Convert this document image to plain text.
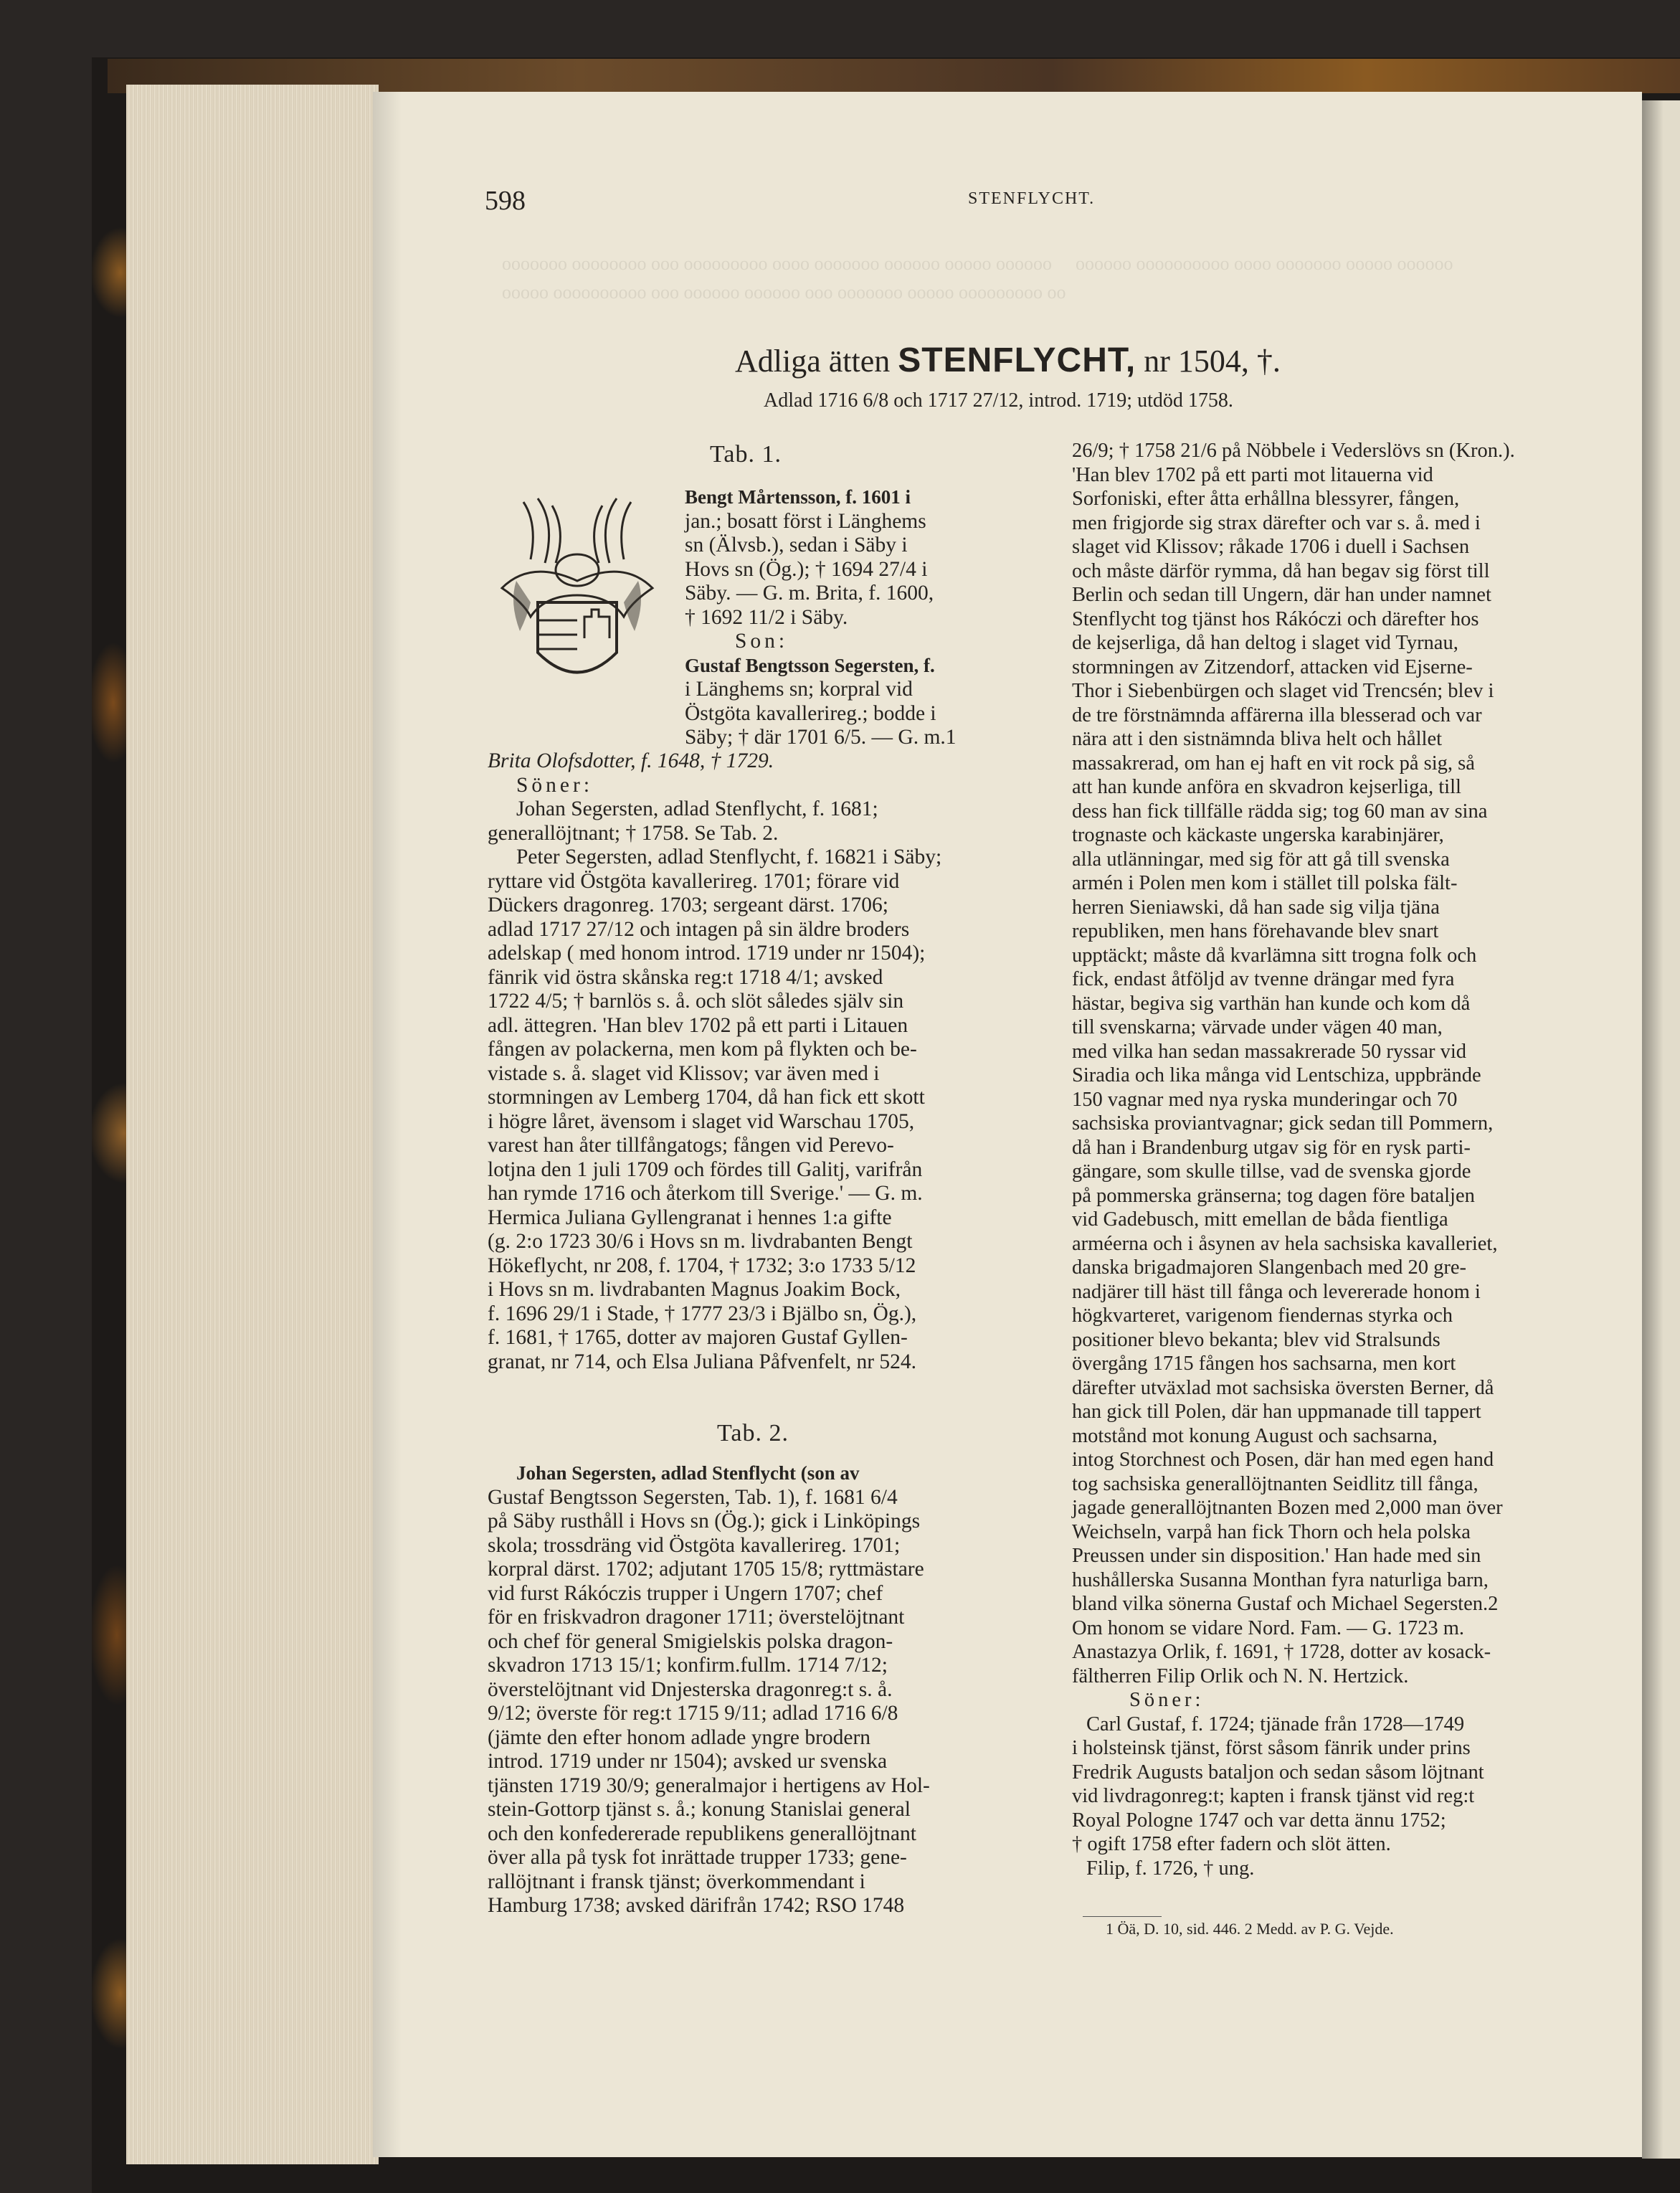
ooooooo oooooooo ooo ooooooooo oooo ooooooo oooooo ooooo oooooo
ooooo oooooooooo ooo oooooo oooooo ooo ooooooo ooooo ooooooooo oo
oooooo oooooooooo oooo ooooooo ooooo oooooo
598	STENFLYCHT.
Adliga ätten STENFLYCHT, nr 1504, †.
Adlad 1716 6/8 och 1717 27/12, introd. 1719; utdöd 1758.
Tab. 1.
Bengt Mårtensson, f. 1601 i
jan.; bosatt först i Länghems
sn (Älvsb.), sedan i Säby i
Hovs sn (Ög.); † 1694 27/4 i
Säby. — G. m. Brita, f. 1600,
† 1692 11/2 i Säby.
Son:
Gustaf Bengtsson Segersten, f.
i Länghems sn; korpral vid
Östgöta kavallerireg.; bodde i
Säby; † där 1701 6/5. — G. m.1
Brita Olofsdotter, f. 1648, † 1729.
Söner:
Johan Segersten, adlad Stenflycht, f. 1681;
generallöjtnant; † 1758. Se Tab. 2.
Peter Segersten, adlad Stenflycht, f. 16821 i Säby;
ryttare vid Östgöta kavallerireg. 1701; förare vid
Dückers dragonreg. 1703; sergeant därst. 1706;
adlad 1717 27/12 och intagen på sin äldre broders
adelskap ( med honom introd. 1719 under nr 1504);
fänrik vid östra skånska reg:t 1718 4/1; avsked
1722 4/5; † barnlös s. å. och slöt således själv sin
adl. ättegren. 'Han blev 1702 på ett parti i Litauen
fången av polackerna, men kom på flykten och be-
vistade s. å. slaget vid Klissov; var även med i
stormningen av Lemberg 1704, då han fick ett skott
i högre låret, ävensom i slaget vid Warschau 1705,
varest han åter tillfångatogs; fången vid Perevo-
lotjna den 1 juli 1709 och fördes till Galitj, varifrån
han rymde 1716 och återkom till Sverige.' — G. m.
Hermica Juliana Gyllengranat i hennes 1:a gifte
(g. 2:o 1723 30/6 i Hovs sn m. livdrabanten Bengt
Hökeflycht, nr 208, f. 1704, † 1732; 3:o 1733 5/12
i Hovs sn m. livdrabanten Magnus Joakim Bock,
f. 1696 29/1 i Stade, † 1777 23/3 i Bjälbo sn, Ög.),
f. 1681, † 1765, dotter av majoren Gustaf Gyllen-
granat, nr 714, och Elsa Juliana Påfvenfelt, nr 524.
Tab. 2.
Johan Segersten, adlad Stenflycht (son av
Gustaf Bengtsson Segersten, Tab. 1), f. 1681 6/4
på Säby rusthåll i Hovs sn (Ög.); gick i Linköpings
skola; trossdräng vid Östgöta kavallerireg. 1701;
korpral därst. 1702; adjutant 1705 15/8; ryttmästare
vid furst Rákóczis trupper i Ungern 1707; chef
för en friskvadron dragoner 1711; överstelöjtnant
och chef för general Smigielskis polska dragon-
skvadron 1713 15/1; konfirm.fullm. 1714 7/12;
överstelöjtnant vid Dnjesterska dragonreg:t s. å.
9/12; överste för reg:t 1715 9/11; adlad 1716 6/8
(jämte den efter honom adlade yngre brodern
introd. 1719 under nr 1504); avsked ur svenska
tjänsten 1719 30/9; generalmajor i hertigens av Hol-
stein-Gottorp tjänst s. å.; konung Stanislai general
och den konfedererade republikens generallöjtnant
över alla på tysk fot inrättade trupper 1733; gene-
rallöjtnant i fransk tjänst; överkommendant i
Hamburg 1738; avsked därifrån 1742; RSO 1748
26/9; † 1758 21/6 på Nöbbele i Vederslövs sn (Kron.).
'Han blev 1702 på ett parti mot litauerna vid
Sorfoniski, efter åtta erhållna blessyrer, fången,
men frigjorde sig strax därefter och var s. å. med i
slaget vid Klissov; råkade 1706 i duell i Sachsen
och måste därför rymma, då han begav sig först till
Berlin och sedan till Ungern, där han under namnet
Stenflycht tog tjänst hos Rákóczi och därefter hos
de kejserliga, då han deltog i slaget vid Tyrnau,
stormningen av Zitzendorf, attacken vid Ejserne-
Thor i Siebenbürgen och slaget vid Trencsén; blev i
de tre förstnämnda affärerna illa blesserad och var
nära att i den sistnämnda bliva helt och hållet
massakrerad, om han ej haft en vit rock på sig, så
att han kunde anföra en skvadron kejserliga, till
dess han fick tillfälle rädda sig; tog 60 man av sina
trognaste och käckaste ungerska karabinjärer,
alla utlänningar, med sig för att gå till svenska
armén i Polen men kom i stället till polska fält-
herren Sieniawski, då han sade sig vilja tjäna
republiken, men hans förehavande blev snart
upptäckt; måste då kvarlämna sitt trogna folk och
fick, endast åtföljd av tvenne drängar med fyra
hästar, begiva sig varthän han kunde och kom då
till svenskarna; värvade under vägen 40 man,
med vilka han sedan massakrerade 50 ryssar vid
Siradia och lika många vid Lentschiza, uppbrände
150 vagnar med nya ryska munderingar och 70
sachsiska proviantvagnar; gick sedan till Pommern,
då han i Brandenburg utgav sig för en rysk parti-
gängare, som skulle tillse, vad de svenska gjorde
på pommerska gränserna; tog dagen före bataljen
vid Gadebusch, mitt emellan de båda fientliga
arméerna och i åsynen av hela sachsiska kavalleriet,
danska brigadmajoren Slangenbach med 20 gre-
nadjärer till häst till fånga och levererade honom i
högkvarteret, varigenom fiendernas styrka och
positioner blevo bekanta; blev vid Stralsunds
övergång 1715 fången hos sachsarna, men kort
därefter utväxlad mot sachsiska översten Berner, då
han gick till Polen, där han uppmanade till tappert
motstånd mot konung August och sachsarna,
intog Storchnest och Posen, där han med egen hand
tog sachsiska generallöjtnanten Seidlitz till fånga,
jagade generallöjtnanten Bozen med 2,000 man över
Weichseln, varpå han fick Thorn och hela polska
Preussen under sin disposition.' Han hade med sin
hushållerska Susanna Monthan fyra naturliga barn,
bland vilka sönerna Gustaf och Michael Segersten.2
Om honom se vidare Nord. Fam. — G. 1723 m.
Anastazya Orlik, f. 1691, † 1728, dotter av kosack-
fältherren Filip Orlik och N. N. Hertzick.
Söner:
Carl Gustaf, f. 1724; tjänade från 1728—1749
i holsteinsk tjänst, först såsom fänrik under prins
Fredrik Augusts bataljon och sedan såsom löjtnant
vid livdragonreg:t; kapten i fransk tjänst vid reg:t
Royal Pologne 1747 och var detta ännu 1752;
† ogift 1758 efter fadern och slöt ätten.
Filip, f. 1726, † ung.
1 Öä, D. 10, sid. 446. 2 Medd. av P. G. Vejde.
